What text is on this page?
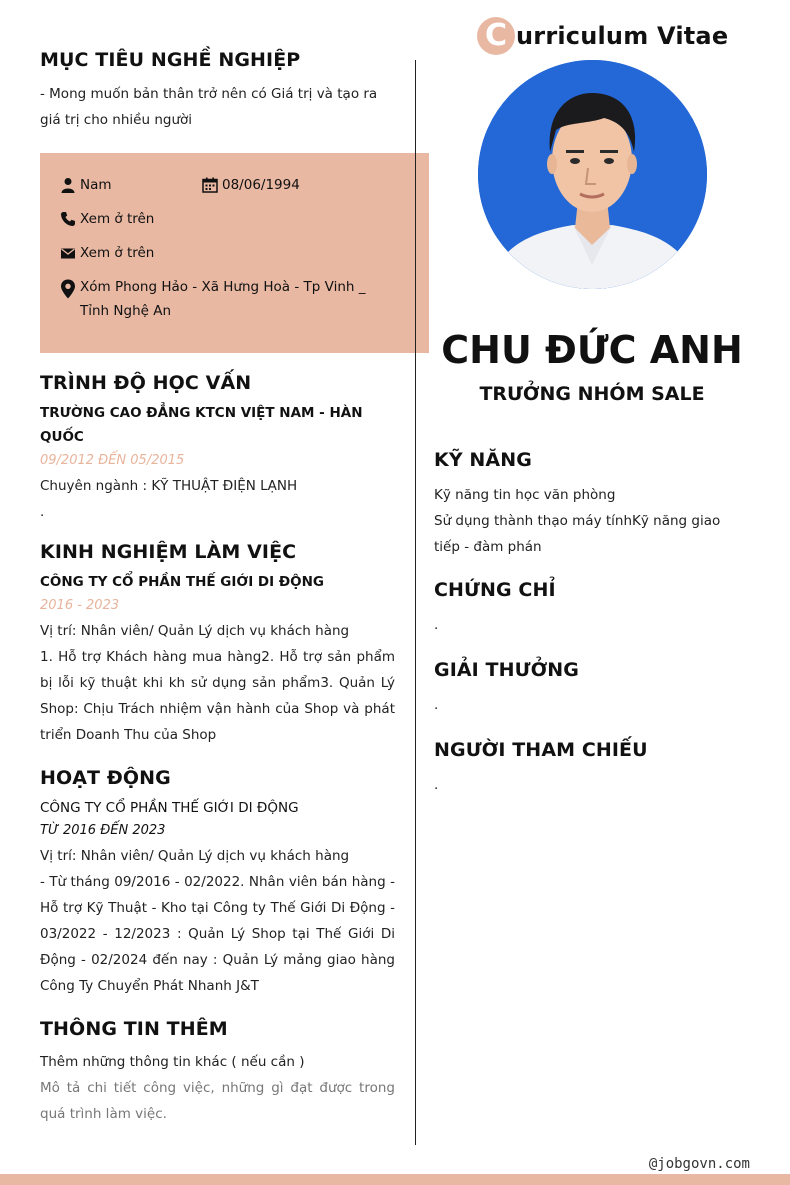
MỤC TIÊU NGHỀ NGHIỆP
- Mong muốn bản thân trở nên có Giá trị và tạo ra giá trị cho nhiều người
Nam	08/06/1994
Xem ở trên
Xem ở trên
Xóm Phong Hảo - Xã Hưng Hoà - Tp Vinh _ Tỉnh Nghệ An
TRÌNH ĐỘ HỌC VẤN
TRƯỜNG CAO ĐẲNG KTCN VIỆT NAM - HÀN QUỐC
09/2012 ĐẾN 05/2015
Chuyên ngành : KỸ THUẬT ĐIỆN LẠNH
.
KINH NGHIỆM LÀM VIỆC
CÔNG TY CỔ PHẦN THẾ GIỚI DI ĐỘNG
2016 - 2023
Vị trí: Nhân viên/ Quản Lý dịch vụ khách hàng
1. Hỗ trợ Khách hàng mua hàng2. Hỗ trợ sản phẩm bị lỗi kỹ thuật khi kh sử dụng sản phẩm3. Quản Lý Shop: Chịu Trách nhiệm vận hành của Shop và phát triển Doanh Thu của Shop
HOẠT ĐỘNG
CÔNG TY CỔ PHẦN THẾ GIỚI DI ĐỘNG
TỪ 2016 ĐẾN 2023
Vị trí: Nhân viên/ Quản Lý dịch vụ khách hàng
- Từ tháng 09/2016 - 02/2022. Nhân viên bán hàng - Hỗ trợ Kỹ Thuật - Kho tại Công ty Thế Giới Di Động - 03/2022 - 12/2023 : Quản Lý Shop tại Thế Giới Di Động - 02/2024 đến nay : Quản Lý mảng giao hàng Công Ty Chuyển Phát Nhanh J&T
THÔNG TIN THÊM
Thêm những thông tin khác ( nếu cần )
Mô tả chi tiết công việc, những gì đạt được trong quá trình làm việc.
C urriculum Vitae
CHU ĐỨC ANH
TRƯỞNG NHÓM SALE
KỸ NĂNG
Kỹ năng tin học văn phòng
Sử dụng thành thạo máy tínhKỹ năng giao tiếp - đàm phán
CHỨNG CHỈ
.
GIẢI THƯỞNG
.
NGƯỜI THAM CHIẾU
.
@jobgovn.com
